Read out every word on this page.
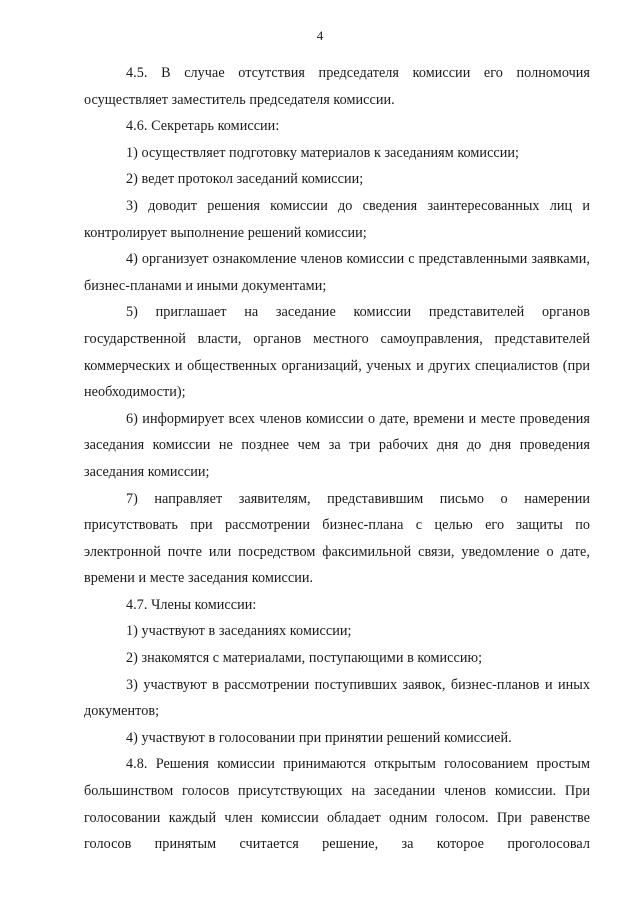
4

4.5. В случае отсутствия председателя комиссии его полномочия осуществляет заместитель председателя комиссии.

4.6. Секретарь комиссии:

1) осуществляет подготовку материалов к заседаниям комиссии;

2) ведет протокол заседаний комиссии;

3) доводит решения комиссии до сведения заинтересованных лиц и контролирует выполнение решений комиссии;

4) организует ознакомление членов комиссии с представленными заявками, бизнес-планами и иными документами;

5) приглашает на заседание комиссии представителей органов государственной власти, органов местного самоуправления, представителей коммерческих и общественных организаций, ученых и других специалистов (при необходимости);

6) информирует всех членов комиссии о дате, времени и месте проведения заседания комиссии не позднее чем за три рабочих дня до дня проведения заседания комиссии;

7) направляет заявителям, представившим письмо о намерении присутствовать при рассмотрении бизнес-плана с целью его защиты по электронной почте или посредством факсимильной связи, уведомление о дате, времени и месте заседания комиссии.

4.7. Члены комиссии:

1) участвуют в заседаниях комиссии;

2) знакомятся с материалами, поступающими в комиссию;

3) участвуют в рассмотрении поступивших заявок, бизнес-планов и иных документов;

4) участвуют в голосовании при принятии решений комиссией.

4.8. Решения комиссии принимаются открытым голосованием простым большинством голосов присутствующих на заседании членов комиссии. При голосовании каждый член комиссии обладает одним голосом. При равенстве голосов принятым считается решение, за которое проголосовал
